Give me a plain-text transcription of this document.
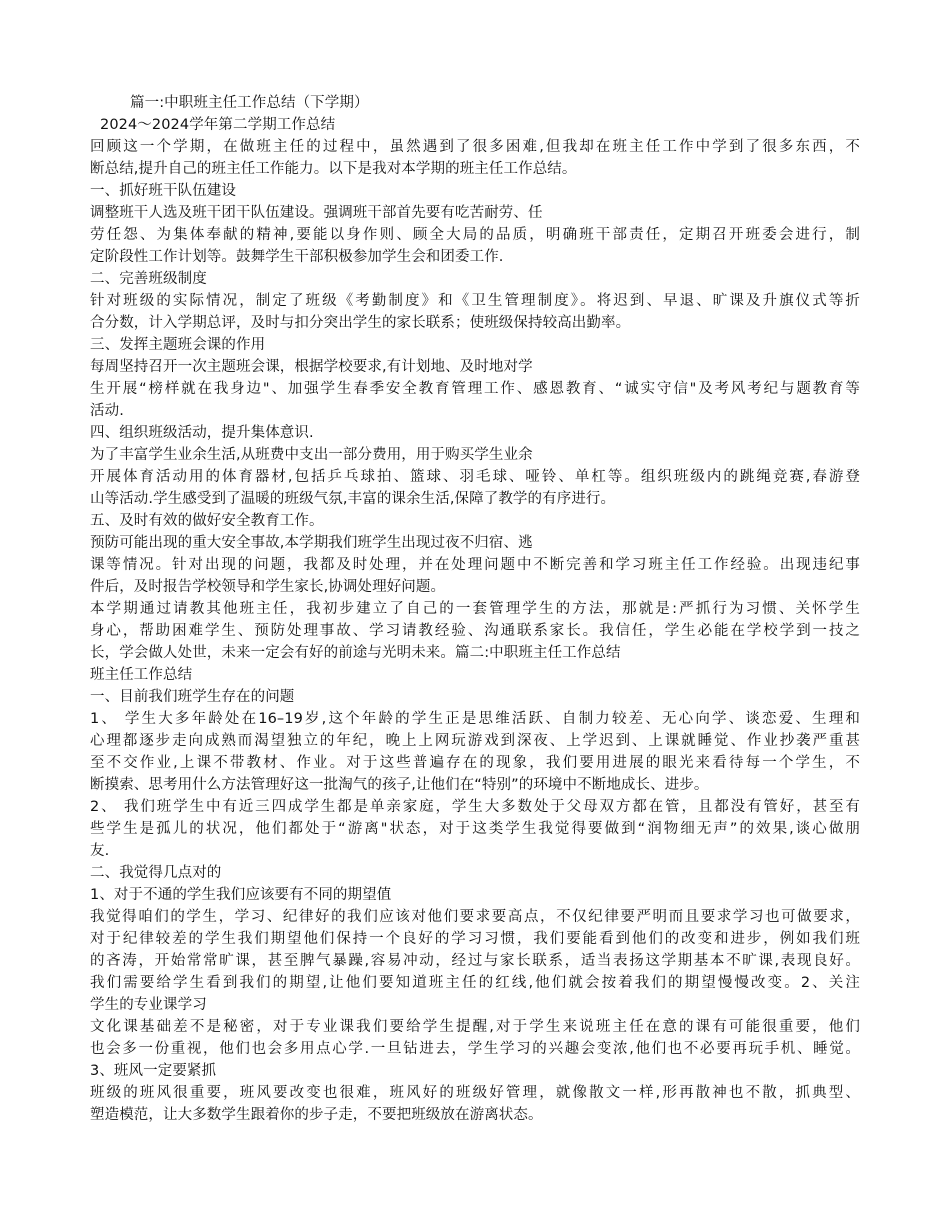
篇一:中职班主任工作总结（下学期）
2024～2024学年第二学期工作总结
回顾这一个学期，在做班主任的过程中，虽然遇到了很多困难,但我却在班主任工作中学到了很多东西，不
断总结,提升自己的班主任工作能力。以下是我对本学期的班主任工作总结。
一、抓好班干队伍建设
调整班干人选及班干团干队伍建设。强调班干部首先要有吃苦耐劳、任
劳任怨、为集体奉献的精神,要能以身作则、顾全大局的品质，明确班干部责任，定期召开班委会进行，制
定阶段性工作计划等。鼓舞学生干部积极参加学生会和团委工作.
二、完善班级制度
针对班级的实际情况，制定了班级《考勤制度》和《卫生管理制度》。将迟到、早退、旷课及升旗仪式等折
合分数，计入学期总评，及时与扣分突出学生的家长联系；使班级保持较高出勤率。
三、发挥主题班会课的作用
每周坚持召开一次主题班会课，根据学校要求,有计划地、及时地对学
生开展“榜样就在我身边"、加强学生春季安全教育管理工作、感恩教育、“诚实守信"及考风考纪与题教育等
活动.
四、组织班级活动，提升集体意识.
为了丰富学生业余生活,从班费中支出一部分费用，用于购买学生业余
开展体育活动用的体育器材,包括乒乓球拍、篮球、羽毛球、哑铃、单杠等。组织班级内的跳绳竞赛,春游登
山等活动.学生感受到了温暖的班级气氛,丰富的课余生活,保障了教学的有序进行。
五、及时有效的做好安全教育工作。
预防可能出现的重大安全事故,本学期我们班学生出现过夜不归宿、逃
课等情况。针对出现的问题，我都及时处理，并在处理问题中不断完善和学习班主任工作经验。出现违纪事
件后，及时报告学校领导和学生家长,协调处理好问题。
本学期通过请教其他班主任，我初步建立了自己的一套管理学生的方法，那就是:严抓行为习惯、关怀学生
身心，帮助困难学生、预防处理事故、学习请教经验、沟通联系家长。我信任，学生必能在学校学到一技之
长，学会做人处世，未来一定会有好的前途与光明未来。篇二:中职班主任工作总结
班主任工作总结
一、目前我们班学生存在的问题
1、 学生大多年龄处在16–19岁,这个年龄的学生正是思维活跃、自制力较差、无心向学、谈恋爱、生理和
心理都逐步走向成熟而渴望独立的年纪，晚上上网玩游戏到深夜、上学迟到、上课就睡觉、作业抄袭严重甚
至不交作业,上课不带教材、作业。对于这些普遍存在的现象，我们要用进展的眼光来看待每一个学生，不
断摸索、思考用什么方法管理好这一批淘气的孩子,让他们在“特别”的环境中不断地成长、进步。
2、 我们班学生中有近三四成学生都是单亲家庭，学生大多数处于父母双方都在管，且都没有管好，甚至有
些学生是孤儿的状况，他们都处于“游离"状态，对于这类学生我觉得要做到“润物细无声”的效果,谈心做朋
友.
二、我觉得几点对的
1、对于不通的学生我们应该要有不同的期望值
我觉得咱们的学生，学习、纪律好的我们应该对他们要求要高点，不仅纪律要严明而且要求学习也可做要求，
对于纪律较差的学生我们期望他们保持一个良好的学习习惯，我们要能看到他们的改变和进步，例如我们班
的吝涛，开始常常旷课，甚至脾气暴躁,容易冲动，经过与家长联系，适当表扬这学期基本不旷课,表现良好。
我们需要给学生看到我们的期望,让他们要知道班主任的红线,他们就会按着我们的期望慢慢改变。2、关注
学生的专业课学习
文化课基础差不是秘密，对于专业课我们要给学生提醒,对于学生来说班主任在意的课有可能很重要，他们
也会多一份重视，他们也会多用点心学.一旦钻进去，学生学习的兴趣会变浓,他们也不必要再玩手机、睡觉。
3、班风一定要紧抓
班级的班风很重要，班风要改变也很难，班风好的班级好管理，就像散文一样,形再散神也不散，抓典型、
塑造模范，让大多数学生跟着你的步子走，不要把班级放在游离状态。
